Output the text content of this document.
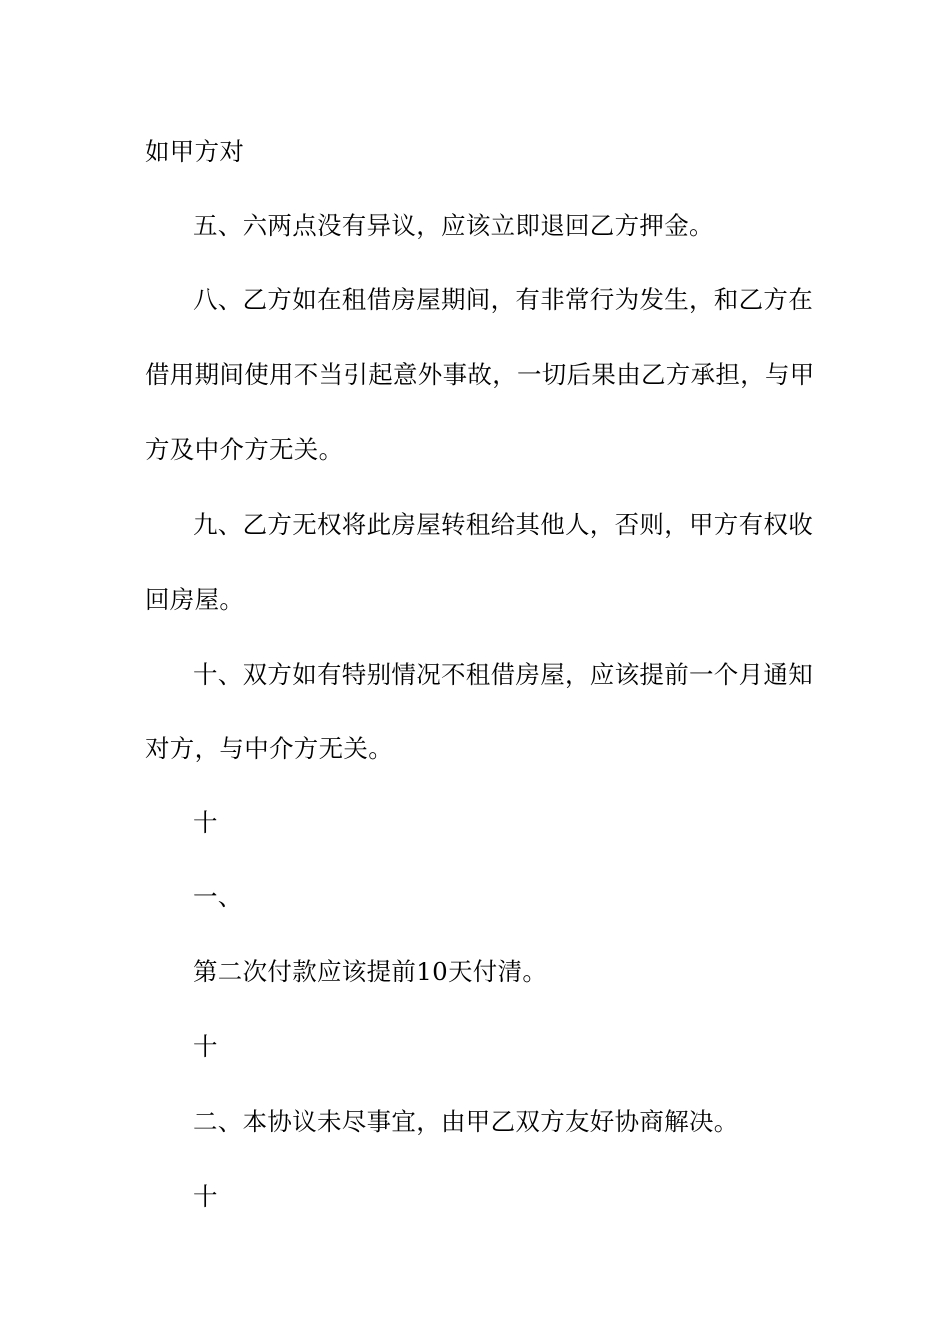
如甲方对
五、六两点没有异议，应该立即退回乙方押金。
八、乙方如在租借房屋期间，有非常行为发生，和乙方在
借用期间使用不当引起意外事故，一切后果由乙方承担，与甲
方及中介方无关。
九、乙方无权将此房屋转租给其他人，否则，甲方有权收
回房屋。
十、双方如有特别情况不租借房屋，应该提前一个月通知
对方，与中介方无关。
十
一、
第二次付款应该提前10天付清。
十
二、本协议未尽事宜，由甲乙双方友好协商解决。
十
